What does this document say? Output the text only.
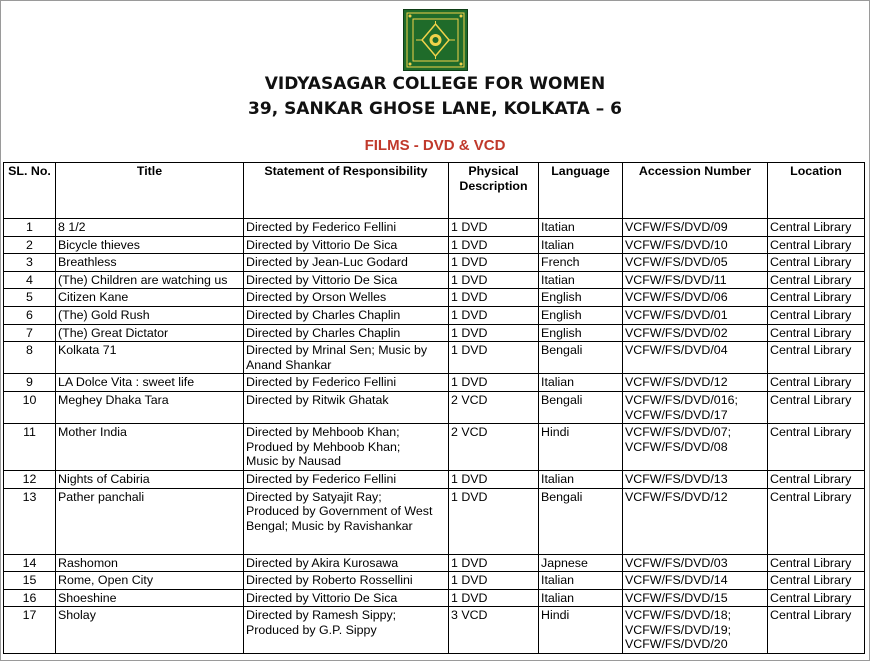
VIDYASAGAR COLLEGE FOR WOMEN
39, SANKAR GHOSE LANE, KOLKATA – 6
FILMS - DVD & VCD
SL. No.	Title	Statement of Responsibility	Physical Description	Language	Accession Number	Location
1	8 1/2	Directed by Federico Fellini	1 DVD	Itatian	VCFW/FS/DVD/09	Central Library
2	Bicycle thieves	Directed by Vittorio De Sica	1 DVD	Italian	VCFW/FS/DVD/10	Central Library
3	Breathless	Directed by Jean-Luc Godard	1 DVD	French	VCFW/FS/DVD/05	Central Library
4	(The) Children are watching us	Directed by Vittorio De Sica	1 DVD	Itatian	VCFW/FS/DVD/11	Central Library
5	Citizen Kane	Directed by Orson Welles	1 DVD	English	VCFW/FS/DVD/06	Central Library
6	(The) Gold Rush	Directed by Charles Chaplin	1 DVD	English	VCFW/FS/DVD/01	Central Library
7	(The) Great Dictator	Directed by Charles Chaplin	1 DVD	English	VCFW/FS/DVD/02	Central Library
8	Kolkata 71	Directed by Mrinal Sen; Music by
Anand Shankar	1 DVD	Bengali	VCFW/FS/DVD/04	Central Library
9	LA Dolce Vita : sweet life	Directed by Federico Fellini	1 DVD	Italian	VCFW/FS/DVD/12	Central Library
10	Meghey Dhaka Tara	Directed by Ritwik Ghatak	2 VCD	Bengali	VCFW/FS/DVD/016;
VCFW/FS/DVD/17	Central Library
11	Mother India	Directed by Mehboob Khan;
Produed by Mehboob Khan;
Music by Nausad	2 VCD	Hindi	VCFW/FS/DVD/07;
VCFW/FS/DVD/08	Central Library
12	Nights of Cabiria	Directed by Federico Fellini	1 DVD	Italian	VCFW/FS/DVD/13	Central Library
13	Pather panchali	Directed by Satyajit Ray;
Produced by Government of West
Bengal; Music by Ravishankar	1 DVD	Bengali	VCFW/FS/DVD/12	Central Library
14	Rashomon	Directed by Akira Kurosawa	1 DVD	Japnese	VCFW/FS/DVD/03	Central Library
15	Rome, Open City	Directed by Roberto Rossellini	1 DVD	Italian	VCFW/FS/DVD/14	Central Library
16	Shoeshine	Directed by Vittorio De Sica	1 DVD	Italian	VCFW/FS/DVD/15	Central Library
17	Sholay	Directed by Ramesh Sippy;
Produced by G.P. Sippy	3 VCD	Hindi	VCFW/FS/DVD/18;
VCFW/FS/DVD/19;
VCFW/FS/DVD/20	Central Library
